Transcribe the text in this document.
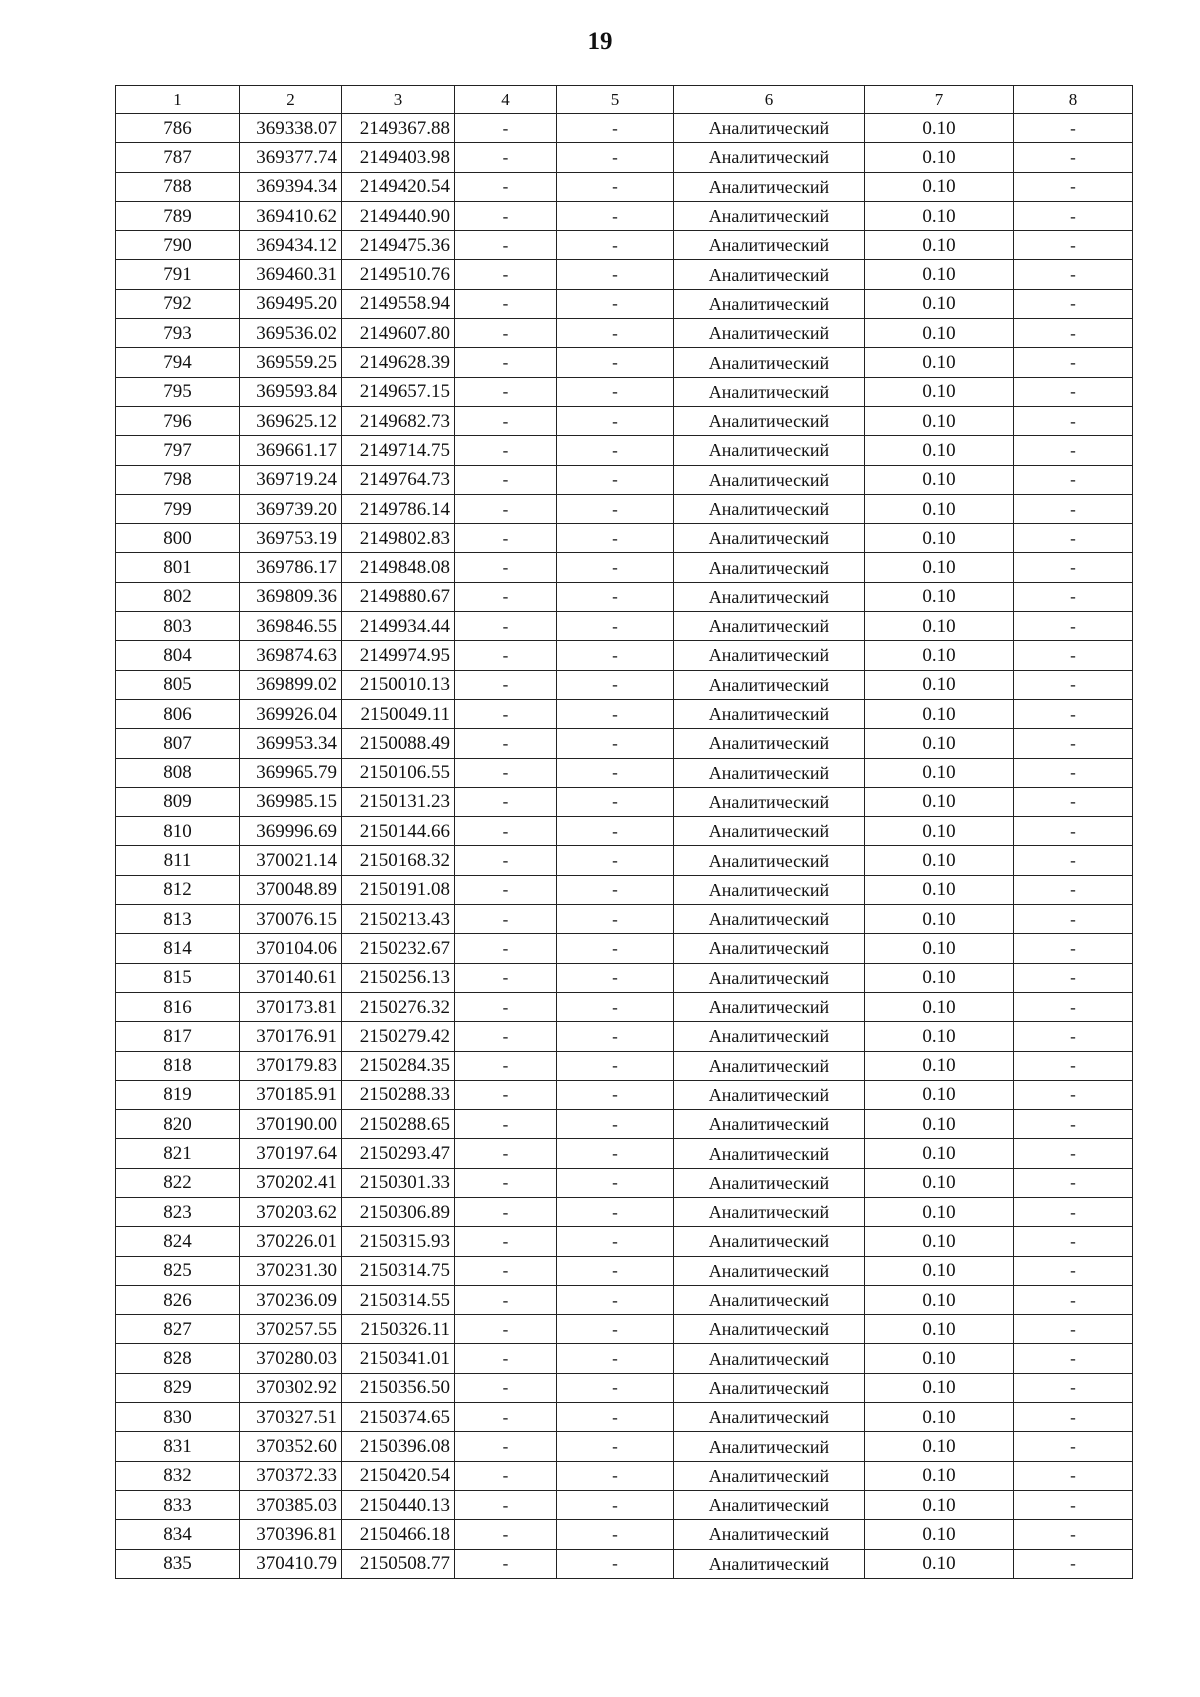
19
1	2	3	4	5	6	7	8
786	369338.07	2149367.88	-	-	Аналитический	0.10	-
787	369377.74	2149403.98	-	-	Аналитический	0.10	-
788	369394.34	2149420.54	-	-	Аналитический	0.10	-
789	369410.62	2149440.90	-	-	Аналитический	0.10	-
790	369434.12	2149475.36	-	-	Аналитический	0.10	-
791	369460.31	2149510.76	-	-	Аналитический	0.10	-
792	369495.20	2149558.94	-	-	Аналитический	0.10	-
793	369536.02	2149607.80	-	-	Аналитический	0.10	-
794	369559.25	2149628.39	-	-	Аналитический	0.10	-
795	369593.84	2149657.15	-	-	Аналитический	0.10	-
796	369625.12	2149682.73	-	-	Аналитический	0.10	-
797	369661.17	2149714.75	-	-	Аналитический	0.10	-
798	369719.24	2149764.73	-	-	Аналитический	0.10	-
799	369739.20	2149786.14	-	-	Аналитический	0.10	-
800	369753.19	2149802.83	-	-	Аналитический	0.10	-
801	369786.17	2149848.08	-	-	Аналитический	0.10	-
802	369809.36	2149880.67	-	-	Аналитический	0.10	-
803	369846.55	2149934.44	-	-	Аналитический	0.10	-
804	369874.63	2149974.95	-	-	Аналитический	0.10	-
805	369899.02	2150010.13	-	-	Аналитический	0.10	-
806	369926.04	2150049.11	-	-	Аналитический	0.10	-
807	369953.34	2150088.49	-	-	Аналитический	0.10	-
808	369965.79	2150106.55	-	-	Аналитический	0.10	-
809	369985.15	2150131.23	-	-	Аналитический	0.10	-
810	369996.69	2150144.66	-	-	Аналитический	0.10	-
811	370021.14	2150168.32	-	-	Аналитический	0.10	-
812	370048.89	2150191.08	-	-	Аналитический	0.10	-
813	370076.15	2150213.43	-	-	Аналитический	0.10	-
814	370104.06	2150232.67	-	-	Аналитический	0.10	-
815	370140.61	2150256.13	-	-	Аналитический	0.10	-
816	370173.81	2150276.32	-	-	Аналитический	0.10	-
817	370176.91	2150279.42	-	-	Аналитический	0.10	-
818	370179.83	2150284.35	-	-	Аналитический	0.10	-
819	370185.91	2150288.33	-	-	Аналитический	0.10	-
820	370190.00	2150288.65	-	-	Аналитический	0.10	-
821	370197.64	2150293.47	-	-	Аналитический	0.10	-
822	370202.41	2150301.33	-	-	Аналитический	0.10	-
823	370203.62	2150306.89	-	-	Аналитический	0.10	-
824	370226.01	2150315.93	-	-	Аналитический	0.10	-
825	370231.30	2150314.75	-	-	Аналитический	0.10	-
826	370236.09	2150314.55	-	-	Аналитический	0.10	-
827	370257.55	2150326.11	-	-	Аналитический	0.10	-
828	370280.03	2150341.01	-	-	Аналитический	0.10	-
829	370302.92	2150356.50	-	-	Аналитический	0.10	-
830	370327.51	2150374.65	-	-	Аналитический	0.10	-
831	370352.60	2150396.08	-	-	Аналитический	0.10	-
832	370372.33	2150420.54	-	-	Аналитический	0.10	-
833	370385.03	2150440.13	-	-	Аналитический	0.10	-
834	370396.81	2150466.18	-	-	Аналитический	0.10	-
835	370410.79	2150508.77	-	-	Аналитический	0.10	-
